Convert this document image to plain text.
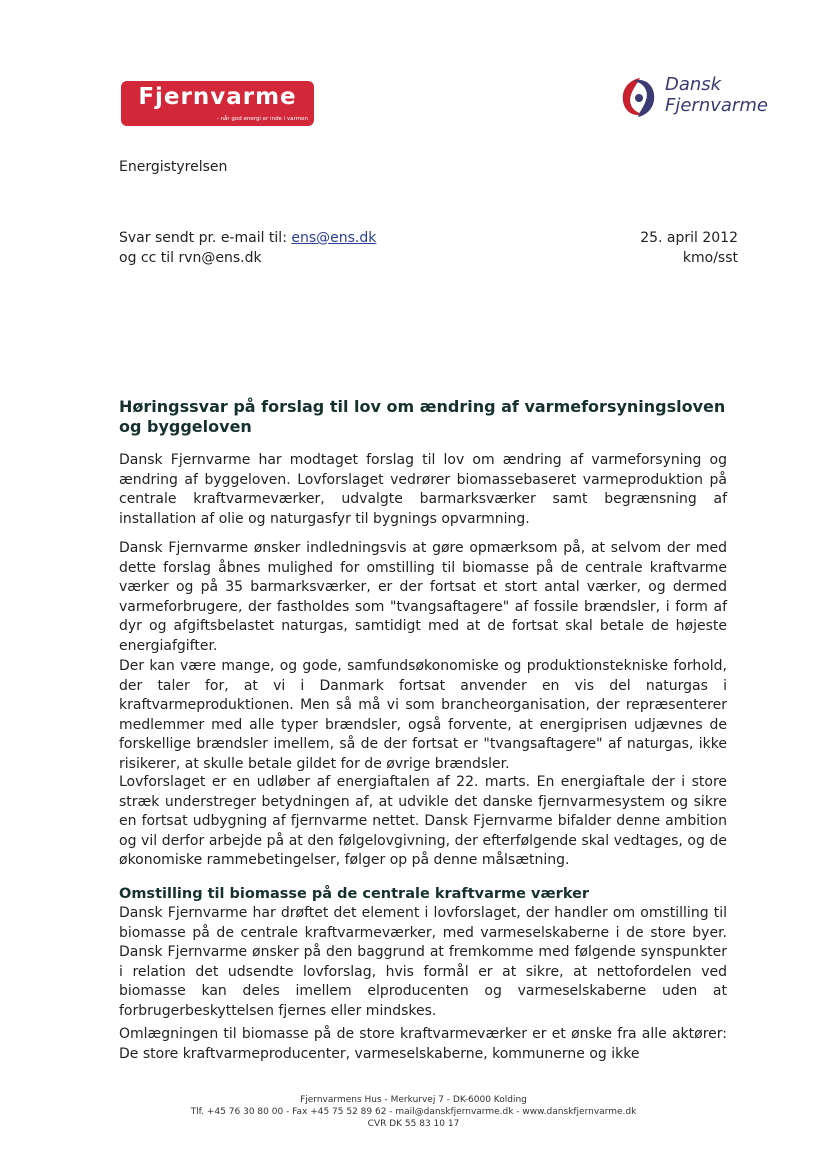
Fjernvarme
- når god energi er inde i varmen
Dansk
Fjernvarme
Energistyrelsen
Svar sendt pr. e-mail til: ens@ens.dk
og cc til rvn@ens.dk
25. april 2012
kmo/sst
Høringssvar på forslag til lov om ændring af varmeforsyningsloven og byggeloven
Dansk Fjernvarme har modtaget forslag til lov om ændring af varmeforsyning og ændring af byggeloven. Lovforslaget vedrører biomassebaseret varmeproduktion på centrale kraftvarmeværker, udvalgte barmarksværker samt begrænsning af installation af olie og naturgasfyr til bygnings opvarmning.
Dansk Fjernvarme ønsker indledningsvis at gøre opmærksom på, at selvom der med dette forslag åbnes mulighed for omstilling til biomasse på de centrale kraftvarme værker og på 35 barmarksværker, er der fortsat et stort antal værker, og dermed varmeforbrugere, der fastholdes som "tvangsaftagere" af fossile brændsler, i form af dyr og afgiftsbelastet naturgas, samtidigt med at de fortsat skal betale de højeste energiafgifter.
Der kan være mange, og gode, samfundsøkonomiske og produktionstekniske forhold, der taler for, at vi i Danmark fortsat anvender en vis del naturgas i kraftvarmeproduktionen. Men så må vi som brancheorganisation, der repræsenterer medlemmer med alle typer brændsler, også forvente, at energiprisen udjævnes de forskellige brændsler imellem, så de der fortsat er "tvangsaftagere" af naturgas, ikke risikerer, at skulle betale gildet for de øvrige brændsler.
Lovforslaget er en udløber af energiaftalen af 22. marts. En energiaftale der i store stræk understreger betydningen af, at udvikle det danske fjernvarmesystem og sikre en fortsat udbygning af fjernvarme nettet. Dansk Fjernvarme bifalder denne ambition og vil derfor arbejde på at den følgelovgivning, der efterfølgende skal vedtages, og de økonomiske rammebetingelser, følger op på denne målsætning.
Omstilling til biomasse på de centrale kraftvarme værker
Dansk Fjernvarme har drøftet det element i lovforslaget, der handler om omstilling til biomasse på de centrale kraftvarmeværker, med varmeselskaberne i de store byer. Dansk Fjernvarme ønsker på den baggrund at fremkomme med følgende synspunkter i relation det udsendte lovforslag, hvis formål er at sikre, at nettofordelen ved biomasse kan deles imellem elproducenten og varmeselskaberne uden at forbrugerbeskyttelsen fjernes eller mindskes.
Omlægningen til biomasse på de store kraftvarmeværker er et ønske fra alle aktører: De store kraftvarmeproducenter, varmeselskaberne, kommunerne og ikke
Fjernvarmens Hus - Merkurvej 7 - DK-6000 Kolding
Tlf. +45 76 30 80 00 - Fax +45 75 52 89 62 - mail@danskfjernvarme.dk - www.danskfjernvarme.dk
CVR DK 55 83 10 17
